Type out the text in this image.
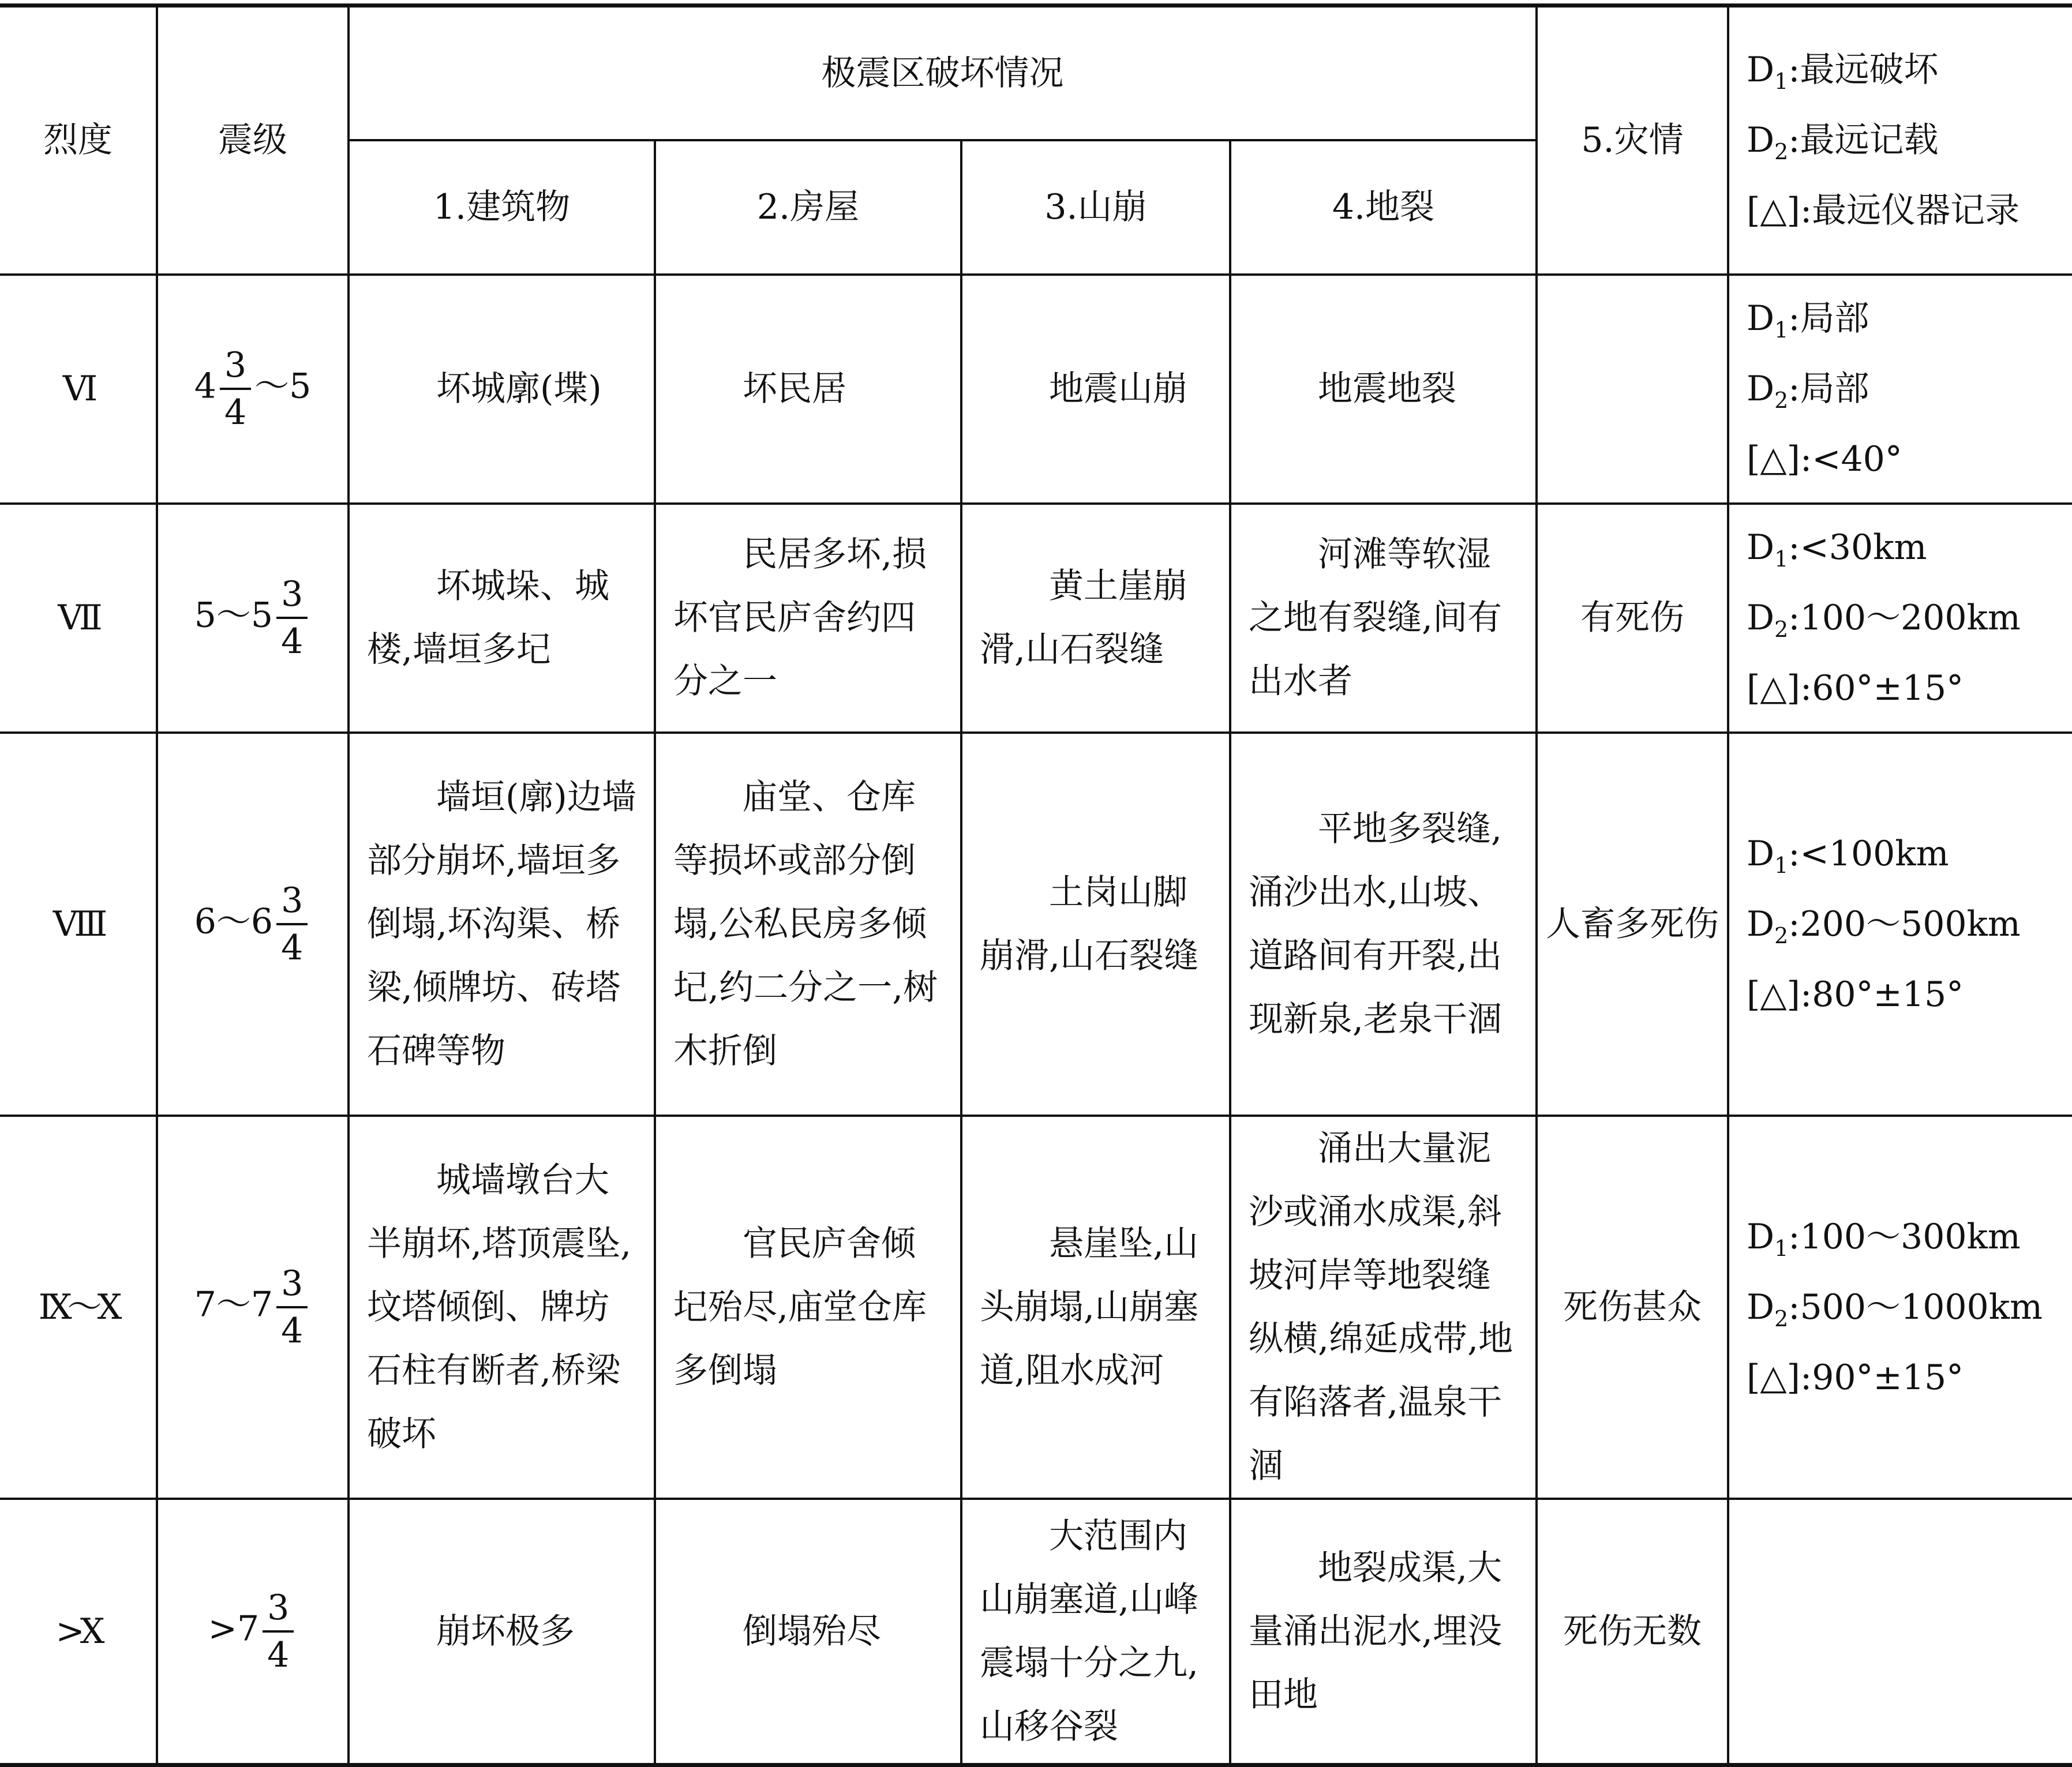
烈度	震级	极震区破坏情况				5.灾情	$D_1$:最远破坏
$D_2$:最远记载
[△]:最远仪器记录

		1.建筑物	2.房屋	3.山崩	4.地裂		
Ⅵ	$4 \frac{3}{4}$ ～5	坏城廓(堞)	坏民居	地震山崩	地震地裂		$D_1$:局部
$D_2$:局部
[△]:<40°

Ⅶ	5～5 $\frac{3}{4}$	坏城垛、城楼,墙垣多圮	民居多坏,损坏官民庐舍约四分之一	黄土崖崩滑,山石裂缝	河滩等软湿之地有裂缝,间有出水者	有死伤	$D_1:<30km$
$D_2:100\sim 200km$
[△]:60°±15°

Ⅷ	6～6 $\frac{3}{4}$	墙垣(廓)边墙部分崩坏,墙垣多倒塌,坏沟渠、桥梁,倾牌坊、砖塔石碑等物	庙堂、仓库等损坏或部分倒塌,公私民房多倾圮,约二分之一,树木折倒	土岗山脚崩滑,山石裂缝	平地多裂缝,涌沙出水,山坡、道路间有开裂,出现新泉,老泉干涸	人畜多死伤	$D_1:<100km$
$D_2:200\sim 500km$
[△]:80°±15°

Ⅸ～Ⅹ	7～7 $\frac{3}{4}$	城墙墩台大半崩坏,塔顶震坠,坟塔倾倒、牌坊石柱有断者,桥梁破坏	官民庐舍倾圮殆尽,庙堂仓库多倒塌	悬崖坠,山头崩塌,山崩塞道,阻水成河	涌出大量泥沙或涌水成渠,斜坡河岸等地裂缝纵横,绵延成带,地有陷落者,温泉干涸	死伤甚众	$D_1:100\sim 300km$
$D_2:500\sim 1000km$
[△]:90°±15°

>Ⅹ	$>7 \frac{3}{4}$	崩坏极多	倒塌殆尽	大范围内山崩塞道,山峰震塌十分之九,山移谷裂	地裂成渠,大量涌出泥水,埋没田地	死伤无数	
